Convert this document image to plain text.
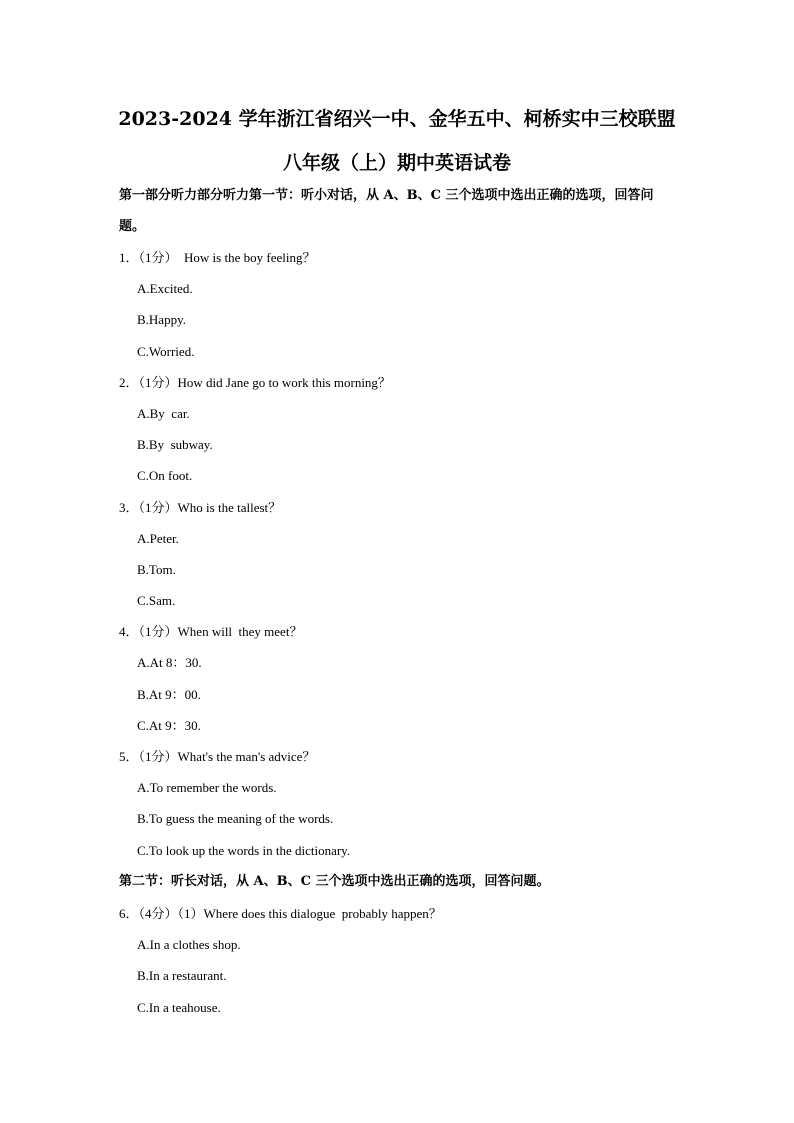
2023-2024 学年浙江省绍兴一中、金华五中、柯桥实中三校联盟
八年级（上）期中英语试卷
第一部分听力部分听力第一节：听小对话，从 A、B、C 三个选项中选出正确的选项，回答问题。
1．（1分）  How is the boy feeling？
A.Excited.
B.Happy.
C.Worried.
2．（1分）How did Jane go to work this morning？
A.By  car.
B.By  subway.
C.On foot.
3．（1分）Who is the tallest？
A.Peter.
B.Tom.
C.Sam.
4．（1分）When will  they meet？
A.At 8：30.
B.At 9：00.
C.At 9：30.
5．（1分）What's the man's advice？
A.To remember the words.
B.To guess the meaning of the words.
C.To look up the words in the dictionary.
第二节：听长对话，从 A、B、C 三个选项中选出正确的选项，回答问题。
6．（4分）（1）Where does this dialogue  probably happen？
A.In a clothes shop.
B.In a restaurant.
C.In a teahouse.
